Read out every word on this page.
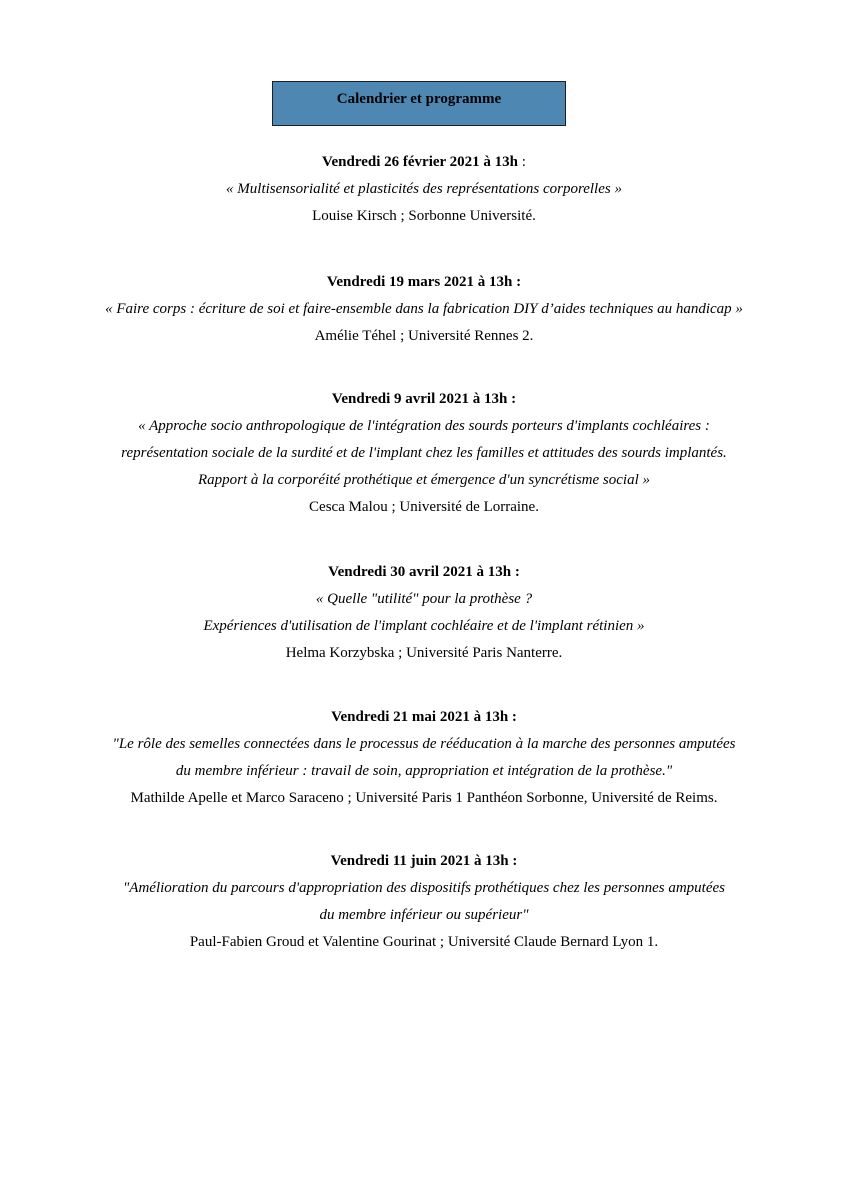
Calendrier et programme
Vendredi 26 février 2021 à 13h :
« Multisensorialité et plasticités des représentations corporelles »
Louise Kirsch ; Sorbonne Université.
Vendredi 19 mars 2021 à 13h :
« Faire corps : écriture de soi et faire-ensemble dans la fabrication DIY d’aides techniques au handicap »
Amélie Téhel ; Université Rennes 2.
Vendredi 9 avril 2021 à 13h :
« Approche socio anthropologique de l'intégration des sourds porteurs d'implants cochléaires :
représentation sociale de la surdité et de l'implant chez les familles et attitudes des sourds implantés.
Rapport à la corporéité prothétique et émergence d'un syncrétisme social »
Cesca Malou ; Université de Lorraine.
Vendredi 30 avril 2021 à 13h :
« Quelle "utilité" pour la prothèse ?
Expériences d'utilisation de l'implant cochléaire et de l'implant rétinien »
Helma Korzybska ; Université Paris Nanterre.
Vendredi 21 mai 2021 à 13h :
"Le rôle des semelles connectées dans le processus de rééducation à la marche des personnes amputées
du membre inférieur : travail de soin, appropriation et intégration de la prothèse."
Mathilde Apelle et Marco Saraceno ; Université Paris 1 Panthéon Sorbonne, Université de Reims.
Vendredi 11 juin 2021 à 13h :
"Amélioration du parcours d'appropriation des dispositifs prothétiques chez les personnes amputées
du membre inférieur ou supérieur"
Paul-Fabien Groud et Valentine Gourinat ; Université Claude Bernard Lyon 1.
